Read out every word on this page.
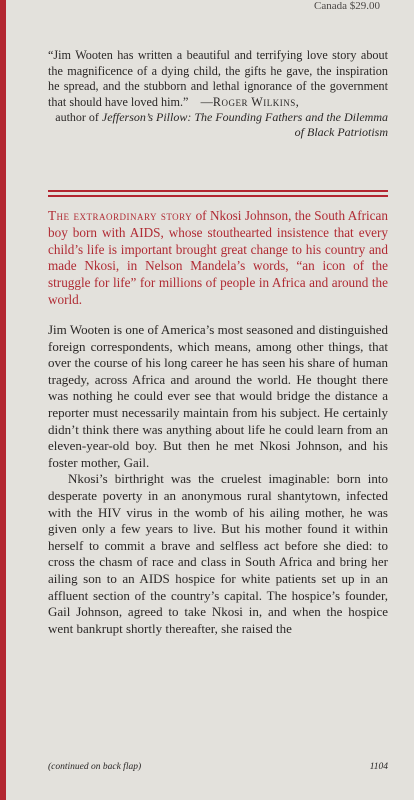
Canada $29.00

“Jim Wooten has written a beautiful and terrifying love story about the magnificence of a dying child, the gifts he gave, the inspiration he spread, and the stubborn and lethal ignorance of the government that should have loved him.” —Roger Wilkins,

author of Jefferson’s Pillow: The Founding Fathers and the Dilemma of Black Patriotism
The extraordinary story of Nkosi Johnson, the South African boy born with AIDS, whose stouthearted insistence that every child’s life is important brought great change to his country and made Nkosi, in Nelson Mandela’s words, “an icon of the struggle for life” for millions of people in Africa and around the world.

Jim Wooten is one of America’s most seasoned and distinguished foreign correspondents, which means, among other things, that over the course of his long career he has seen his share of human tragedy, across Africa and around the world. He thought there was nothing he could ever see that would bridge the distance a reporter must necessarily maintain from his subject. He certainly didn’t think there was anything about life he could learn from an eleven-year-old boy. But then he met Nkosi Johnson, and his foster mother, Gail.

Nkosi’s birthright was the cruelest imaginable: born into desperate poverty in an anonymous rural shantytown, infected with the HIV virus in the womb of his ailing mother, he was given only a few years to live. But his mother found it within herself to commit a brave and selfless act before she died: to cross the chasm of race and class in South Africa and bring her ailing son to an AIDS hospice for white patients set up in an affluent section of the country’s capital. The hospice’s founder, Gail Johnson, agreed to take Nkosi in, and when the hospice went bankrupt shortly thereafter, she raised the

(continued on back flap)	1104
